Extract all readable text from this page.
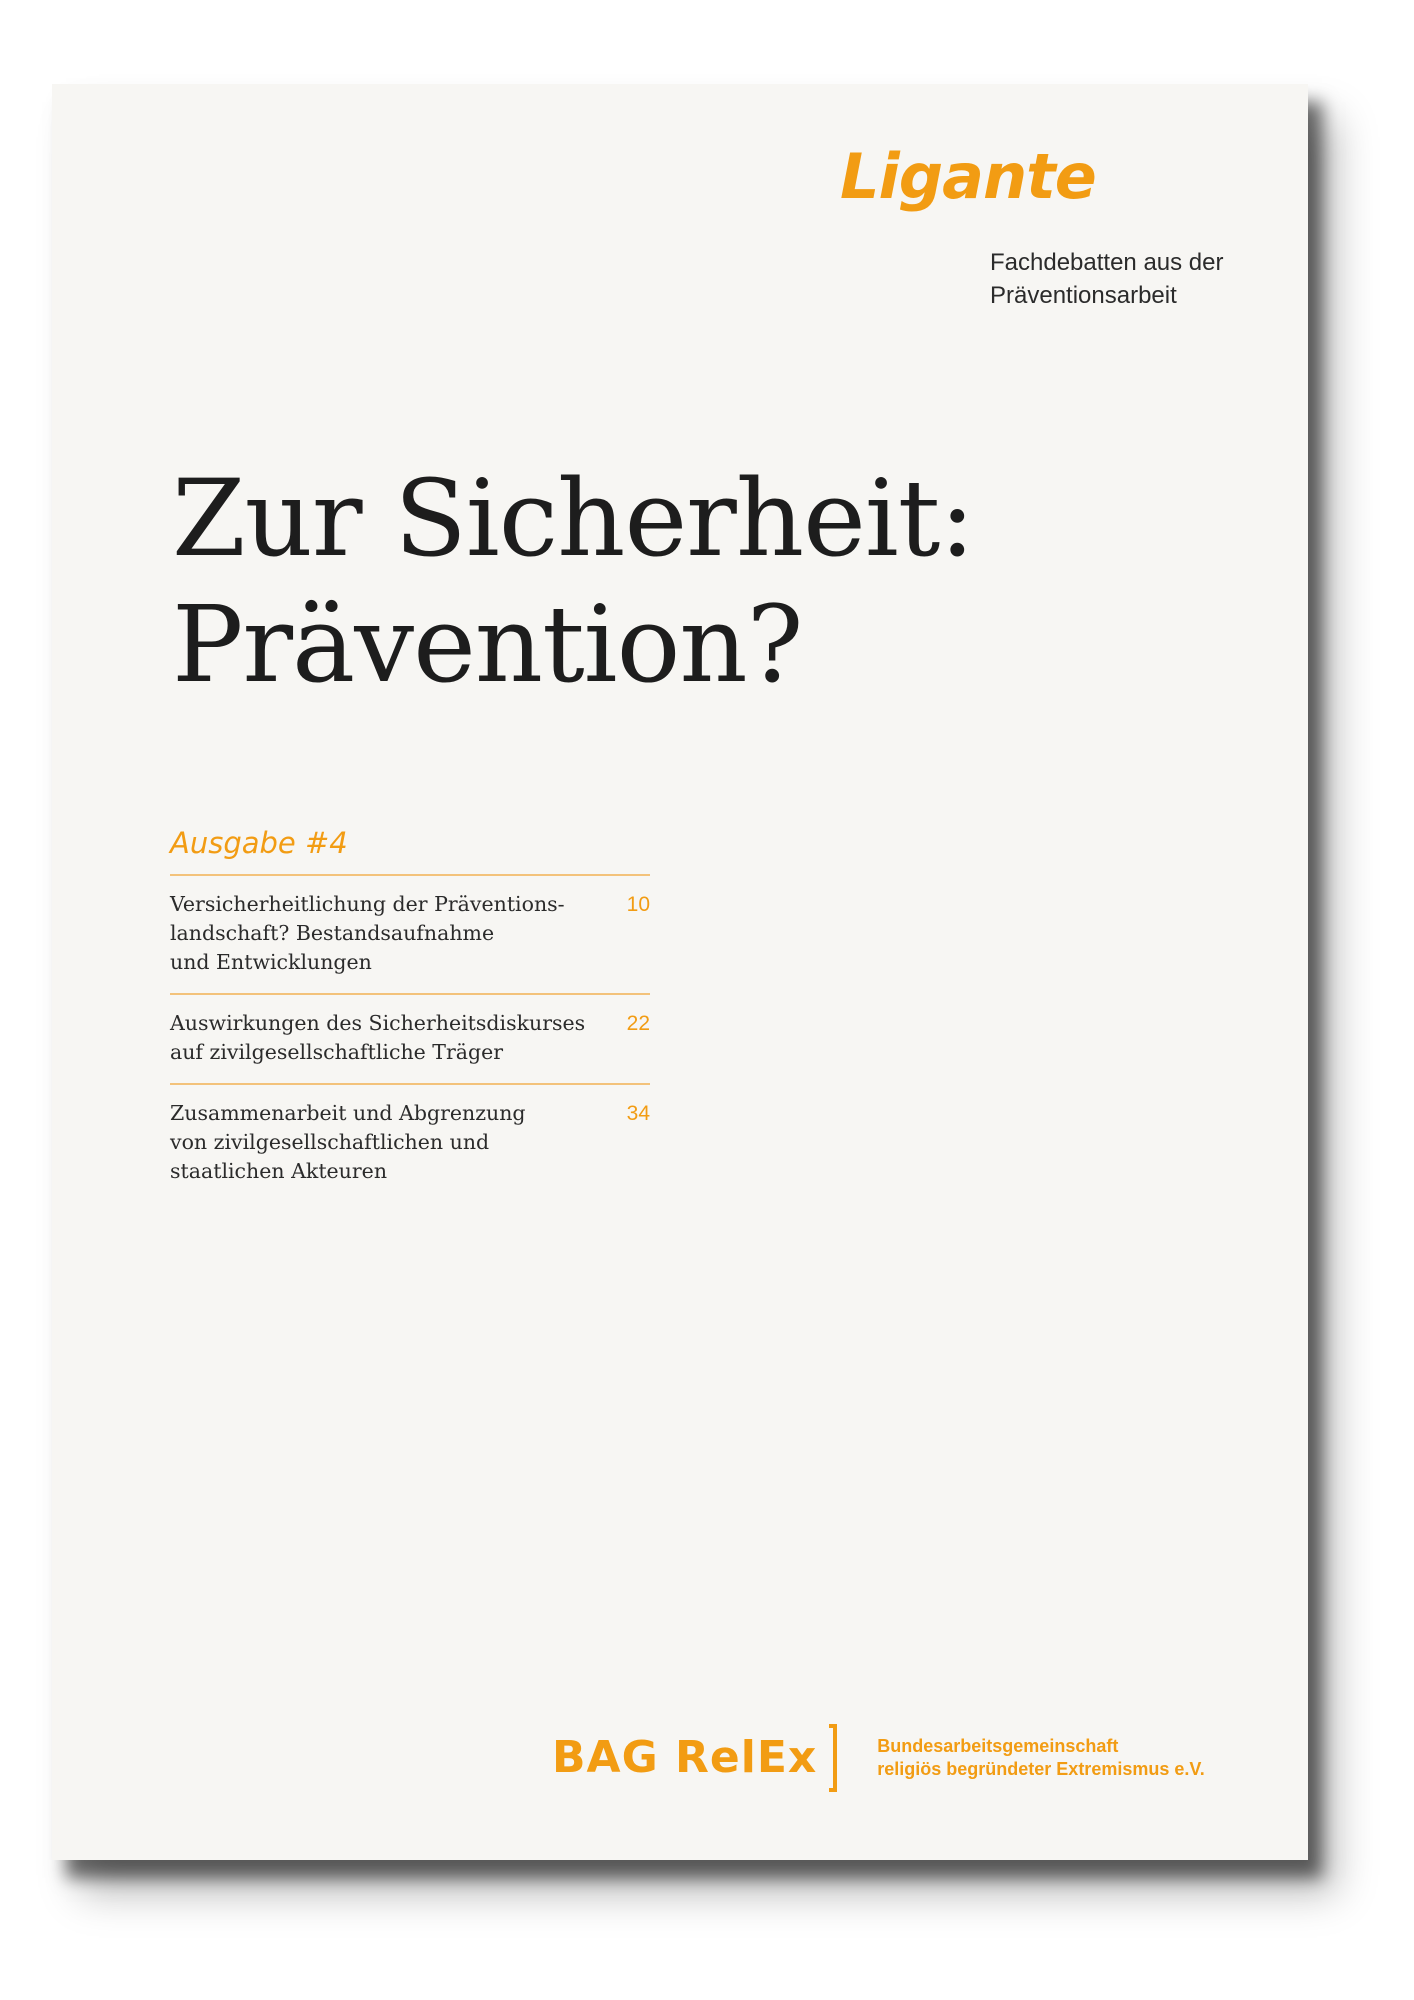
Ligante
Fachdebatten aus der
Präventionsarbeit
Zur Sicherheit:
Prävention?
Ausgabe #4
Versicherheitlichung der Präventions-
landschaft? Bestandsaufnahme
und Entwicklungen
10
Auswirkungen des Sicherheitsdiskurses
auf zivilgesellschaftliche Träger
22
Zusammenarbeit und Abgrenzung
von zivilgesellschaftlichen und
staatlichen Akteuren
34
BAG RelEx	Bundesarbeitsgemeinschaft
religiös begründeter Extremismus e.V.
